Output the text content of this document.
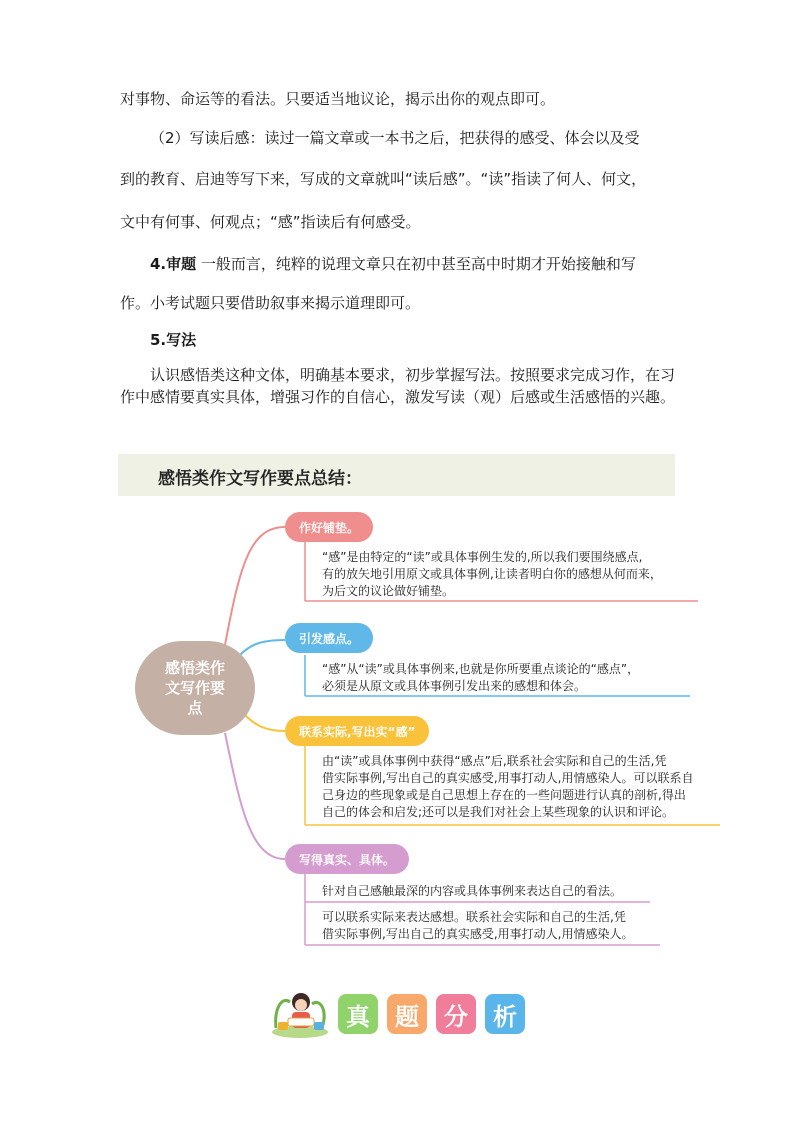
对事物、命运等的看法。只要适当地议论，揭示出你的观点即可。
（2）写读后感：读过一篇文章或一本书之后，把获得的感受、体会以及受
到的教育、启迪等写下来，写成的文章就叫“读后感”。“读”指读了何人、何文，
文中有何事、何观点；“感”指读后有何感受。
4.审题 一般而言，纯粹的说理文章只在初中甚至高中时期才开始接触和写
作。小考试题只要借助叙事来揭示道理即可。
5.写法

认识感悟类这种文体，明确基本要求，初步掌握写法。按照要求完成习作，在习作中感情要真实具体，增强习作的自信心，激发写读（观）后感或生活感悟的兴趣。

感悟类作文写作要点总结：
感悟类作文写作要点
作好铺垫。

“感”是由特定的“读”或具体事例生发的,所以我们要围绕感点,

有的放矢地引用原文或具体事例,让读者明白你的感想从何而来，

为后文的议论做好铺垫。

引发感点。

“感”从“读”或具体事例来,也就是你所要重点谈论的“感点”，

必须是从原文或具体事例引发出来的感想和体会。

联系实际,写出实“感”

由“读”或具体事例中获得“感点”后,联系社会实际和自己的生活,凭

借实际事例,写出自己的真实感受,用事打动人,用情感染人。可以联系自

己身边的些现象或是自己思想上存在的一些问题进行认真的剖析,得出

自己的体会和启发;还可以是我们对社会上某些现象的认识和评论。

写得真实、具体。

针对自己感触最深的内容或具体事例来表达自己的看法。

可以联系实际来表达感想。联系社会实际和自己的生活,凭

借实际事例,写出自己的真实感受,用事打动人,用情感染人。

真	题	分	析
